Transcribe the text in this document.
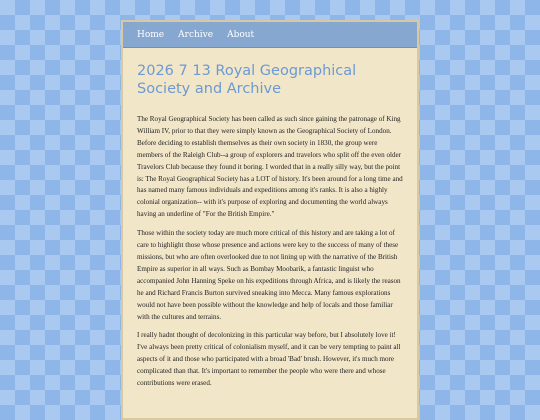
Home Archive About
2026 7 13 Royal Geographical Society and Archive

The Royal Geographical Society has been called as such since gaining the patronage of King William IV, prior to that they were simply known as the Geographical Society of London. Before deciding to establish themselves as their own society in 1830, the group were members of the Raleigh Club--a group of explorers and travelors who split off the even older Travelors Club because they found it boring. I worded that in a really silly way, but the point is: The Royal Geographical Society has a LOT of history. It's been around for a long time and has named many famous individuals and expeditions among it's ranks. It is also a highly colonial organization-- with it's purpose of exploring and documenting the world always having an underline of "For the British Empire."

Those within the society today are much more critical of this history and are taking a lot of care to highlight those whose presence and actions were key to the success of many of these missions, but who are often overlooked due to not lining up with the narrative of the British Empire as superior in all ways. Such as Bombay Moobarik, a fantastic linguist who accompanied John Hanning Speke on his expeditions through Africa, and is likely the reason he and Richard Francis Burton survived sneaking into Mecca. Many famous explorations would not have been possible without the knowledge and help of locals and those familiar with the cultures and terrains.

I really hadnt thought of decolonizing in this particular way before, but I absolutely love it! I've always been pretty critical of colonialism myself, and it can be very tempting to paint all aspects of it and those who participated with a broad 'Bad' brush. However, it's much more complicated than that. It's important to remember the people who were there and whose contributions were erased.
